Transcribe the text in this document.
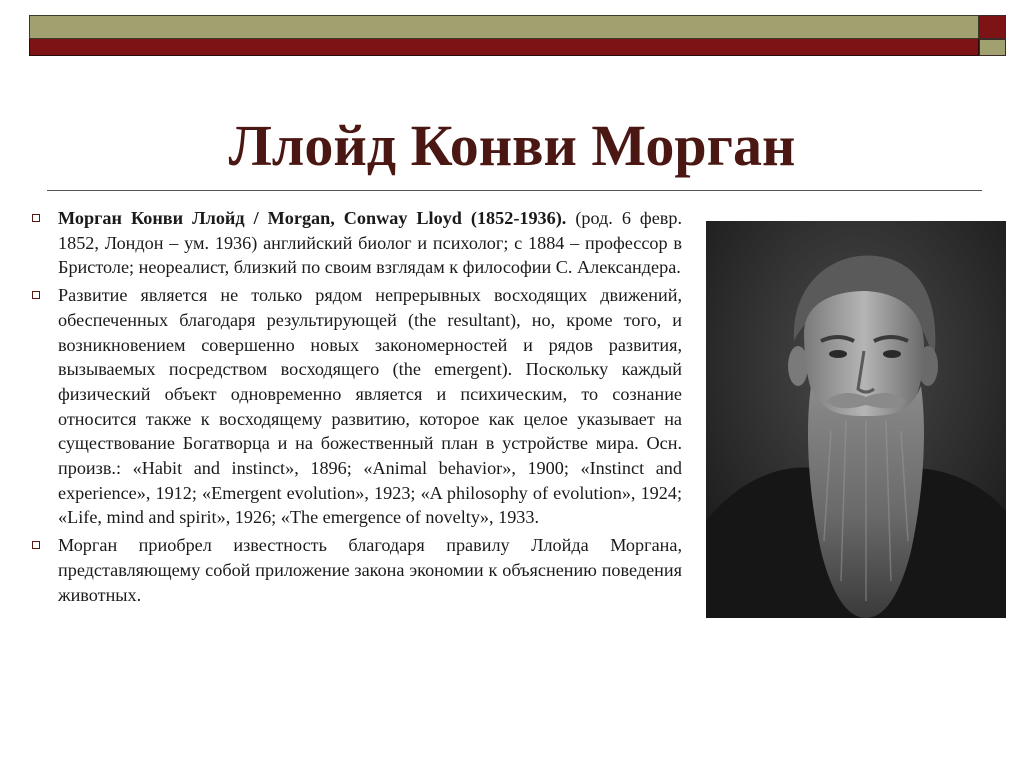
Ллойд Конви Морган
Морган Конви Ллойд / Morgan, Conway Lloyd (1852-1936). (род. 6 февр. 1852, Лондон – ум. 1936) английский биолог и психолог; с 1884 – профессор в Бристоле; неореалист, близкий по своим взглядам к философии С. Александера.
Развитие является не только рядом непрерывных восходящих движений, обеспеченных благодаря результирующей (the resultant), но, кроме того, и возникновением совершенно новых закономерностей и рядов развития, вызываемых посредством восходящего (the emergent). Поскольку каждый физический объект одновременно является и психическим, то сознание относится также к восходящему развитию, которое как целое указывает на существование Богатворца и на божественный план в устройстве мира. Осн. произв.: «Habit and instinct», 1896; «Animal behavior», 1900; «Instinct and experience», 1912; «Emergent evolution», 1923; «A philosophy of evolution», 1924; «Life, mind and spirit», 1926; «The emergence of novelty», 1933.
Морган приобрел известность благодаря правилу Ллойда Моргана, представляющему собой приложение закона экономии к объяснению поведения животных.
